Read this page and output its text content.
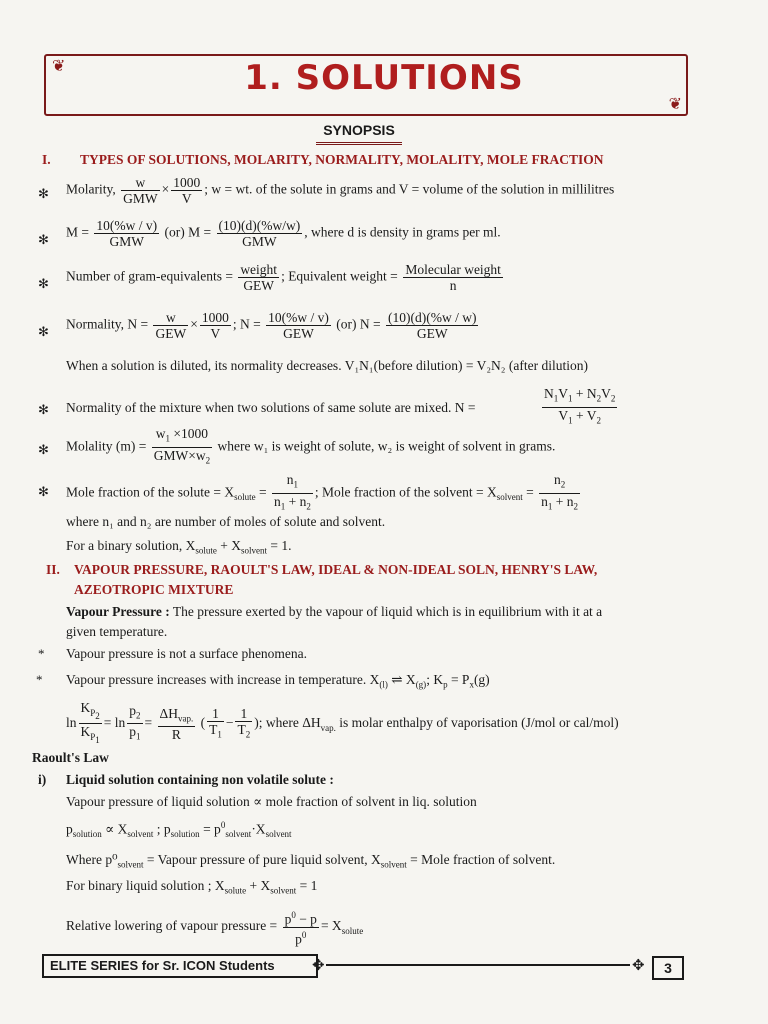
❦
❦
1. SOLUTIONS
SYNOPSIS
I. TYPES OF SOLUTIONS, MOLARITY, NORMALITY, MOLALITY, MOLE FRACTION
✻ Molarity, $\frac{w}{\text{GMW}} \times \frac{1000}{V}$ ; w = wt. of the solute in grams and V = volume of the solution in millilitres
✻ $M = \frac{10(\%w / v)}{\text{GMW}} (or) M = \frac{(10)(d)(\%w/w)}{\text{GMW}}$ , where d is density in grams per ml.
✻ Number of gram-equivalents = $\frac{\text{weight}}{\text{GEW}}$ ; Equivalent weight = $\frac{\text{Molecular weight}}{n}$
✻ Normality, $N = \frac{w}{\text{GEW}} \times \frac{1000}{V}$ ; $N = \frac{10(\%w / v)}{\text{GEW}} (or) N = \frac{(10)(d)(\%w / w)}{\text{GEW}}$
When a solution is diluted, its normality decreases. V₁N₁(before dilution) = V₂N₂ (after dilution)
✻ Normality of the mixture when two solutions of same solute are mixed. N =	$\frac{N_1V_1 + N_2V_2}{V_1 + V_2}$
✻ Molality $(m) = \frac{w_1 \times 1000}{GMW\times w_2}$ where w₁ is weight of solute, w₂ is weight of solvent in grams.
✻ Mole fraction of the solute = $X_{solute} = \frac{n_1}{n_1 + n_2}$ ; Mole fraction of the solvent = $X_{solvent} = \frac{n_2}{n_1 + n_2}$
where n₁ and n₂ are number of moles of solute and solvent.
For a binary solution, $X_{solute} + X_{solvent} = 1$.
II. VAPOUR PRESSURE, RAOULT'S LAW, IDEAL & NON-IDEAL SOLN, HENRY'S LAW,
AZEOTROPIC MIXTURE
Vapour Pressure : The pressure exerted by the vapour of liquid which is in equilibrium with it at a
given temperature.
* Vapour pressure is not a surface phenomena.
* Vapour pressure increases with increase in temperature. $X_{(l)}$ ⇌ $X_{(g)}$; $K_p = P_x(g)$
$\ln \frac{K_{P_2}}{K_{P_1}} = \ln \frac{p_2}{p_1} = \frac{\Delta H_{vap.}}{R}$ ( $\frac{1}{T_1} - \frac{1}{T_2}$ ); where $\Delta H_{vap.}$ is molar enthalpy of vaporisation (J/mol or cal/mol)
Raoult's Law
i) Liquid solution containing non volatile solute :
Vapour pressure of liquid solution ∝ mole fraction of solvent in liq. solution
$p_{solution} \propto X_{solvent}$ ; $p_{solution} = p^0_{solvent}\cdot X_{solvent}$
Where $p^0_{solvent}$ = Vapour pressure of pure liquid solvent, $X_{solvent}$ = Mole fraction of solvent.
For binary liquid solution ; $X_{solute} + X_{solvent} = 1$
Relative lowering of vapour pressure = $\frac{p^0 - p}{p^0} = X_{solute}$
ELITE SERIES for Sr. ICON Students	✥	✥	3
